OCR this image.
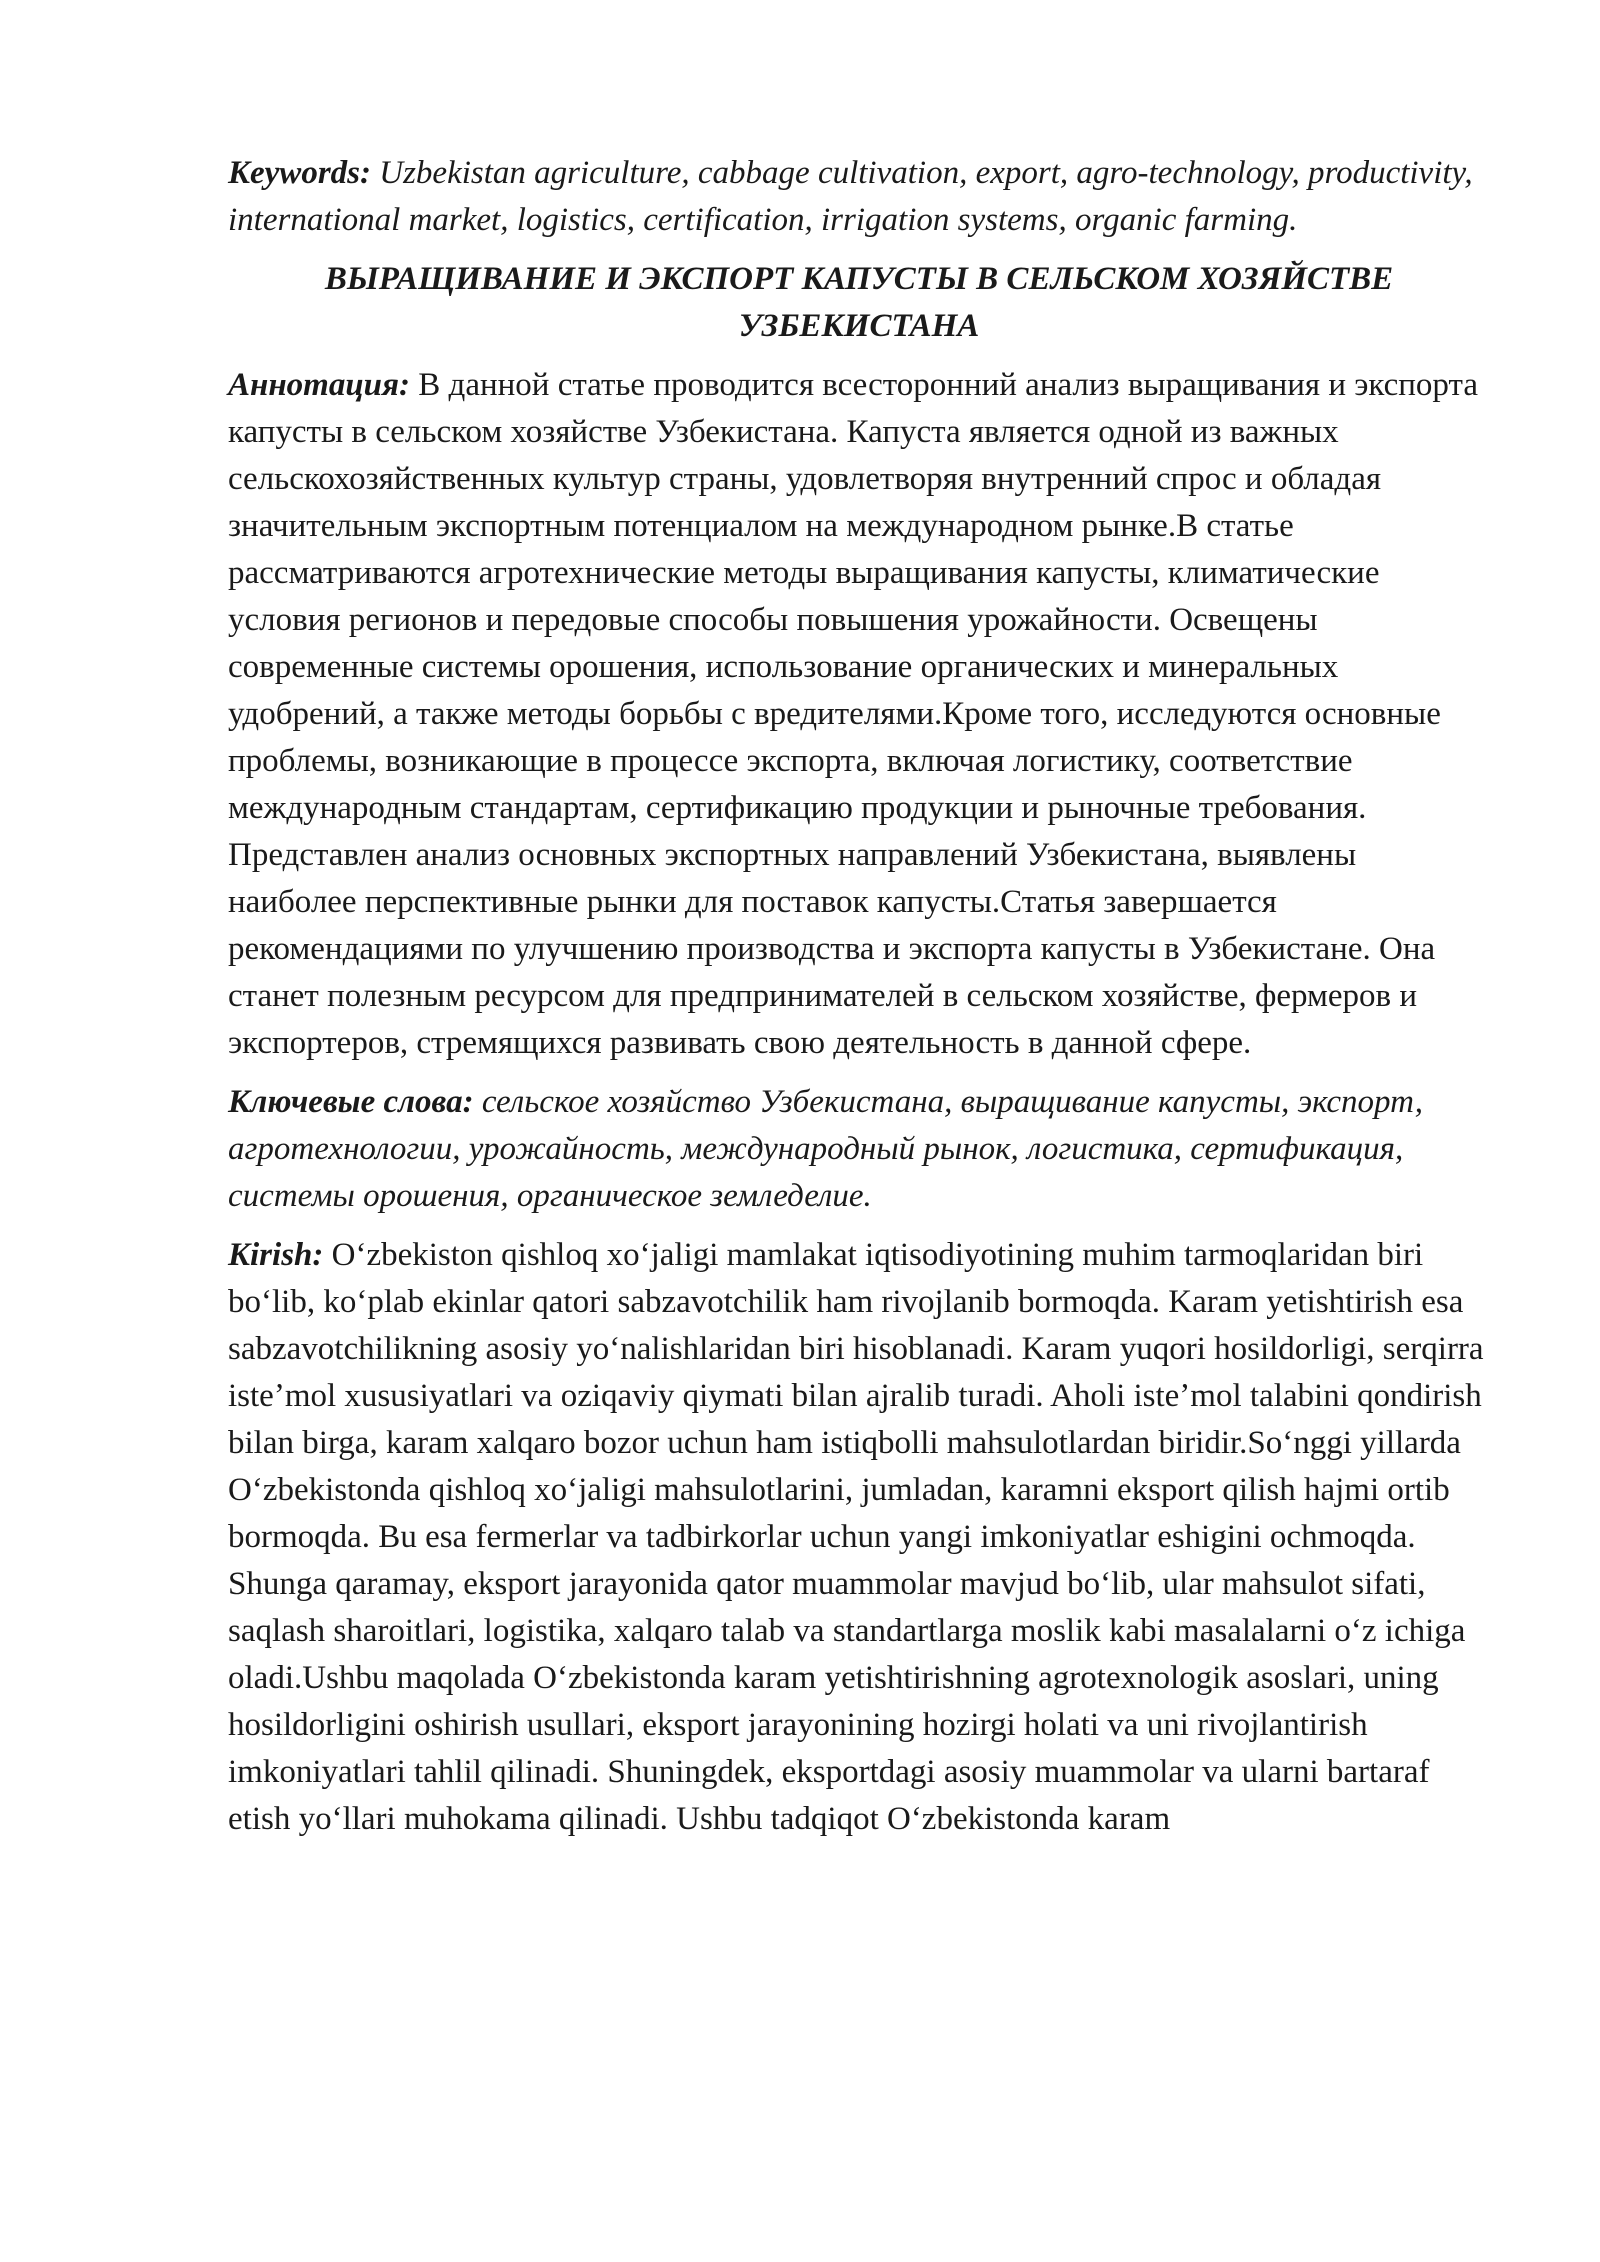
Keywords: Uzbekistan agriculture, cabbage cultivation, export, agro-technology, productivity, international market, logistics, certification, irrigation systems, organic farming.

ВЫРАЩИВАНИЕ И ЭКСПОРТ КАПУСТЫ В СЕЛЬСКОМ ХОЗЯЙСТВЕ УЗБЕКИСТАНА

Аннотация: В данной статье проводится всесторонний анализ выращивания и экспорта капусты в сельском хозяйстве Узбекистана. Капуста является одной из важных сельскохозяйственных культур страны, удовлетворяя внутренний спрос и обладая значительным экспортным потенциалом на международном рынке.В статье рассматриваются агротехнические методы выращивания капусты, климатические условия регионов и передовые способы повышения урожайности. Освещены современные системы орошения, использование органических и минеральных удобрений, а также методы борьбы с вредителями.Кроме того, исследуются основные проблемы, возникающие в процессе экспорта, включая логистику, соответствие международным стандартам, сертификацию продукции и рыночные требования. Представлен анализ основных экспортных направлений Узбекистана, выявлены наиболее перспективные рынки для поставок капусты.Статья завершается рекомендациями по улучшению производства и экспорта капусты в Узбекистане. Она станет полезным ресурсом для предпринимателей в сельском хозяйстве, фермеров и экспортеров, стремящихся развивать свою деятельность в данной сфере.

Ключевые слова: сельское хозяйство Узбекистана, выращивание капусты, экспорт, агротехнологии, урожайность, международный рынок, логистика, сертификация, системы орошения, органическое земледелие.

Kirish: Oʻzbekiston qishloq xoʻjaligi mamlakat iqtisodiyotining muhim tarmoqlaridan biri boʻlib, koʻplab ekinlar qatori sabzavotchilik ham rivojlanib bormoqda. Karam yetishtirish esa sabzavotchilikning asosiy yoʻnalishlaridan biri hisoblanadi. Karam yuqori hosildorligi, serqirra isteʼmol xususiyatlari va oziqaviy qiymati bilan ajralib turadi. Aholi isteʼmol talabini qondirish bilan birga, karam xalqaro bozor uchun ham istiqbolli mahsulotlardan biridir.Soʻnggi yillarda Oʻzbekistonda qishloq xoʻjaligi mahsulotlarini, jumladan, karamni eksport qilish hajmi ortib bormoqda. Bu esa fermerlar va tadbirkorlar uchun yangi imkoniyatlar eshigini ochmoqda. Shunga qaramay, eksport jarayonida qator muammolar mavjud boʻlib, ular mahsulot sifati, saqlash sharoitlari, logistika, xalqaro talab va standartlarga moslik kabi masalalarni oʻz ichiga oladi.Ushbu maqolada Oʻzbekistonda karam yetishtirishning agrotexnologik asoslari, uning hosildorligini oshirish usullari, eksport jarayonining hozirgi holati va uni rivojlantirish imkoniyatlari tahlil qilinadi. Shuningdek, eksportdagi asosiy muammolar va ularni bartaraf etish yoʻllari muhokama qilinadi. Ushbu tadqiqot Oʻzbekistonda karam
